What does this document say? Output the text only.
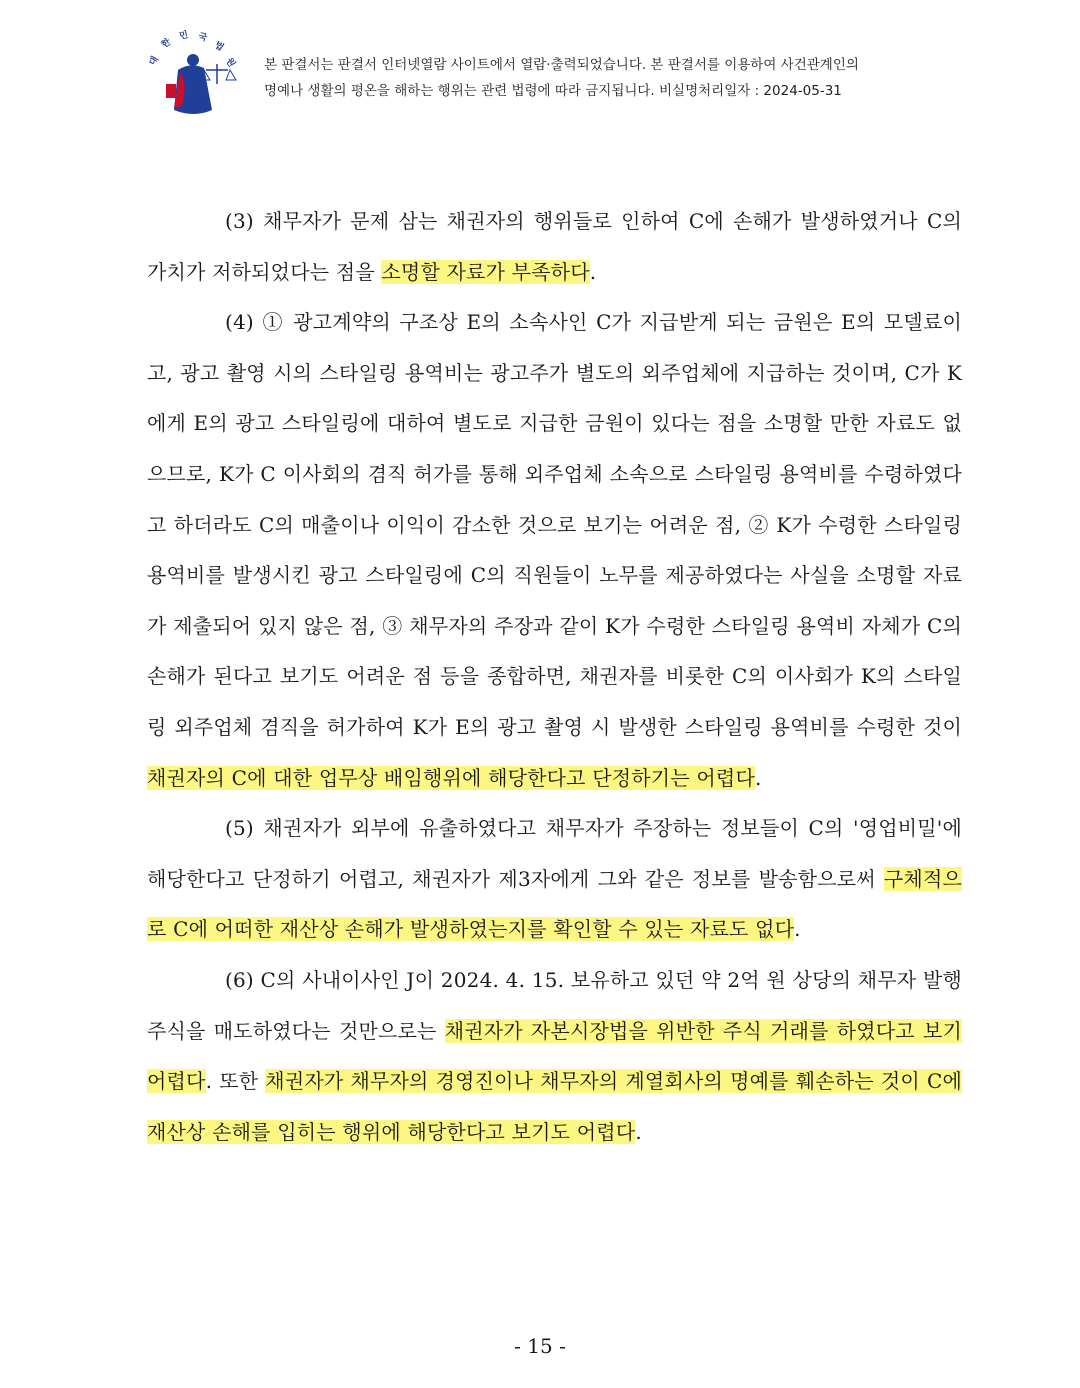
대
한
민 국
법
원 본 판결서는 판결서 인터넷열람 사이트에서 열람·출력되었습니다. 본 판결서를 이용하여 사건관계인의
명예나 생활의 평온을 해하는 행위는 관련 법령에 따라 금지됩니다. 비실명처리일자 : 2024-05-31

(3) 채무자가 문제 삼는 채권자의 행위들로 인하여 C에 손해가 발생하였거나 C의 가치가 저하되었다는 점을 소명할 자료가 부족하다.

(4) ① 광고계약의 구조상 E의 소속사인 C가 지급받게 되는 금원은 E의 모델료이고, 광고 촬영 시의 스타일링 용역비는 광고주가 별도의 외주업체에 지급하는 것이며, C가 K에게 E의 광고 스타일링에 대하여 별도로 지급한 금원이 있다는 점을 소명할 만한 자료도 없으므로, K가 C 이사회의 겸직 허가를 통해 외주업체 소속으로 스타일링 용역비를 수령하였다고 하더라도 C의 매출이나 이익이 감소한 것으로 보기는 어려운 점, ② K가 수령한 스타일링 용역비를 발생시킨 광고 스타일링에 C의 직원들이 노무를 제공하였다는 사실을 소명할 자료가 제출되어 있지 않은 점, ③ 채무자의 주장과 같이 K가 수령한 스타일링 용역비 자체가 C의 손해가 된다고 보기도 어려운 점 등을 종합하면, 채권자를 비롯한 C의 이사회가 K의 스타일링 외주업체 겸직을 허가하여 K가 E의 광고 촬영 시 발생한 스타일링 용역비를 수령한 것이 채권자의 C에 대한 업무상 배임행위에 해당한다고 단정하기는 어렵다.

(5) 채권자가 외부에 유출하였다고 채무자가 주장하는 정보들이 C의 '영업비밀'에 해당한다고 단정하기 어렵고, 채권자가 제3자에게 그와 같은 정보를 발송함으로써 구체적으로 C에 어떠한 재산상 손해가 발생하였는지를 확인할 수 있는 자료도 없다.

(6) C의 사내이사인 J이 2024. 4. 15. 보유하고 있던 약 2억 원 상당의 채무자 발행주식을 매도하였다는 것만으로는 채권자가 자본시장법을 위반한 주식 거래를 하였다고 보기 어렵다. 또한 채권자가 채무자의 경영진이나 채무자의 계열회사의 명예를 훼손하는 것이 C에 재산상 손해를 입히는 행위에 해당한다고 보기도 어렵다.

- 15 -
